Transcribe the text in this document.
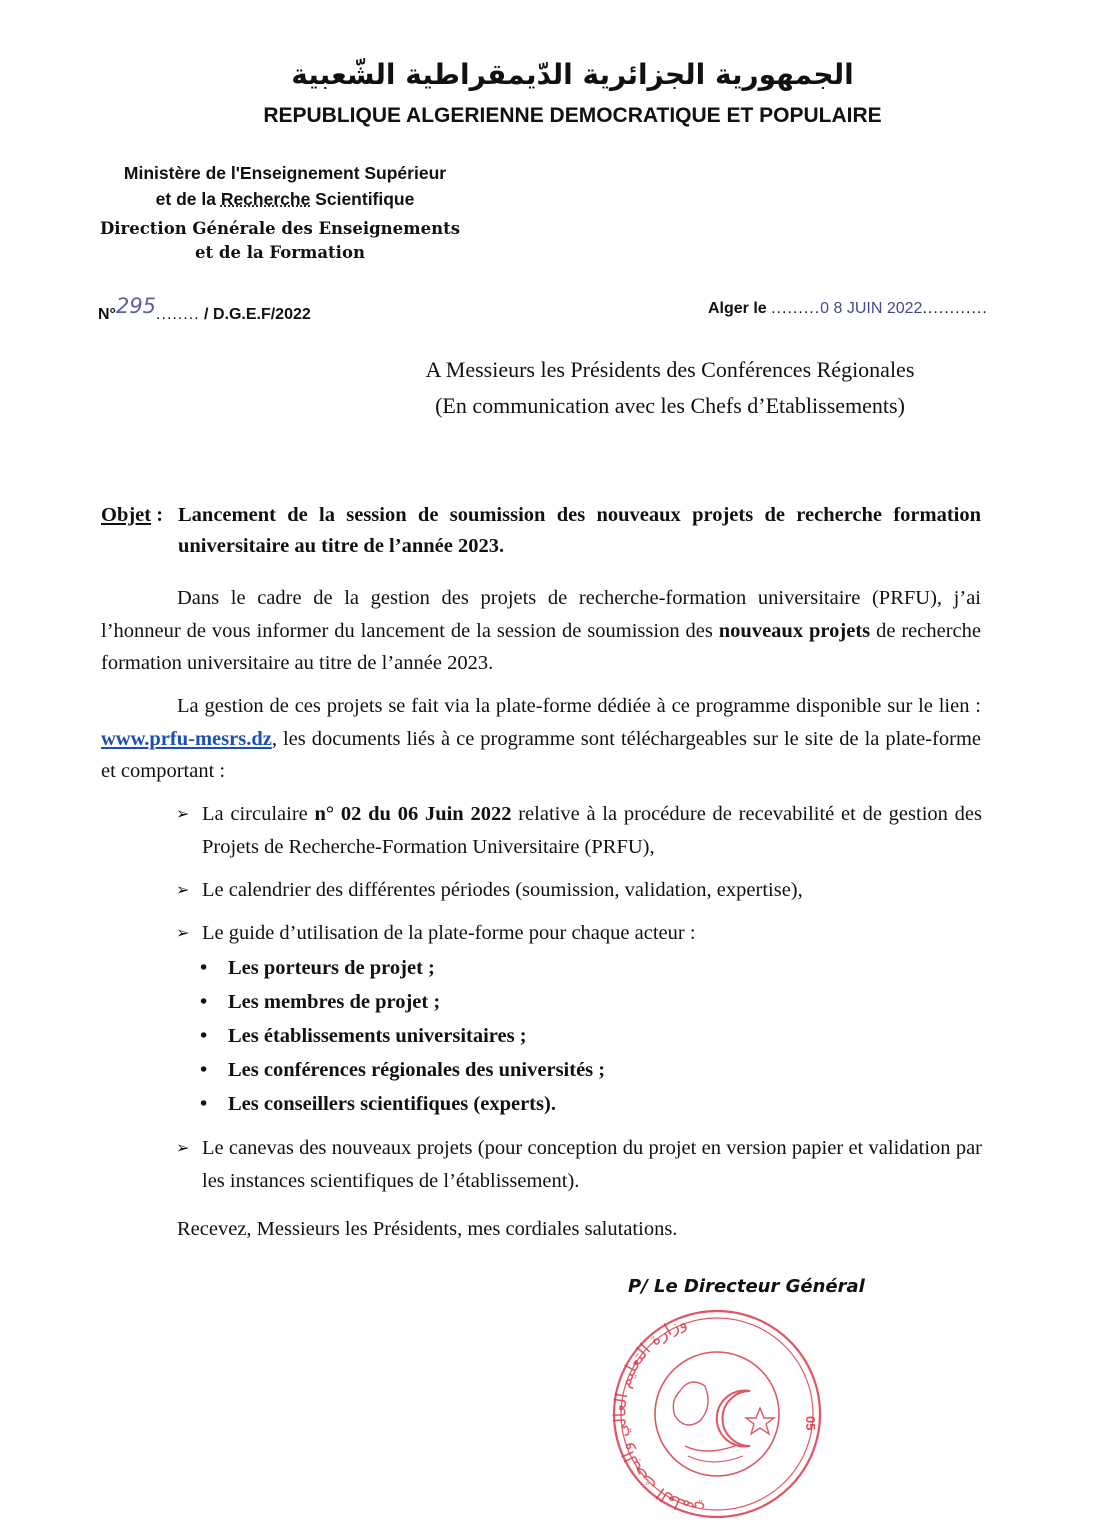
الجمهورية الجزائرية الدّيمقراطية الشّعبية
REPUBLIQUE ALGERIENNE DEMOCRATIQUE ET POPULAIRE
Ministère de l'Enseignement Supérieur
et de la Recherche Scientifique
Direction Générale des Enseignements
et de la Formation
N°295........ / D.G.E.F/2022	Alger le .........0 8 JUIN 2022............
A Messieurs les Présidents des Conférences Régionales
(En communication avec les Chefs d’Etablissements)
Objet : Lancement de la session de soumission des nouveaux projets de recherche formation universitaire au titre de l’année 2023.
Dans le cadre de la gestion des projets de recherche-formation universitaire (PRFU), j’ai l’honneur de vous informer du lancement de la session de soumission des nouveaux projets de recherche formation universitaire au titre de l’année 2023.
La gestion de ces projets se fait via la plate-forme dédiée à ce programme disponible sur le lien : www.prfu-mesrs.dz, les documents liés à ce programme sont téléchargeables sur le site de la plate-forme et comportant :
➢ La circulaire n° 02 du 06 Juin 2022 relative à la procédure de recevabilité et de gestion des Projets de Recherche-Formation Universitaire (PRFU),
➢ Le calendrier des différentes périodes (soumission, validation, expertise),
➢ Le guide d’utilisation de la plate-forme pour chaque acteur :
• Les porteurs de projet ;
• Les membres de projet ;
• Les établissements universitaires ;
• Les conférences régionales des universités ;
• Les conseillers scientifiques (experts).
➢ Le canevas des nouveaux projets (pour conception du projet en version papier et validation par les instances scientifiques de l’établissement).
Recevez, Messieurs les Présidents, mes cordiales salutations.
P/ Le Directeur Général
وزارة التعليم العالي والبحث العلمي
05
